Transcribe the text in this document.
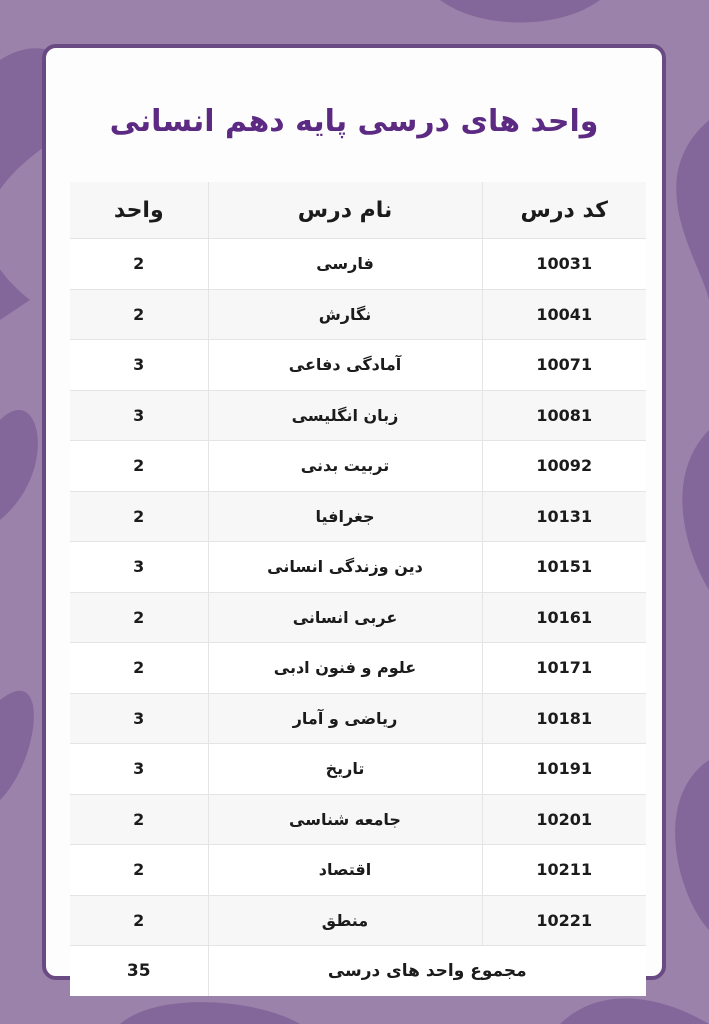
واحد های درسی پایه دهم انسانی
کد درس	نام درس	واحد
10031	فارسی	2
10041	نگارش	2
10071	آمادگی دفاعی	3
10081	زبان انگلیسی	3
10092	تربیت بدنی	2
10131	جغرافیا	2
10151	دین وزندگی انسانی	3
10161	عربی انسانی	2
10171	علوم و فنون ادبی	2
10181	ریاضی و آمار	3
10191	تاریخ	3
10201	جامعه شناسی	2
10211	اقتصاد	2
10221	منطق	2
مجموع واحد های درسی		35
